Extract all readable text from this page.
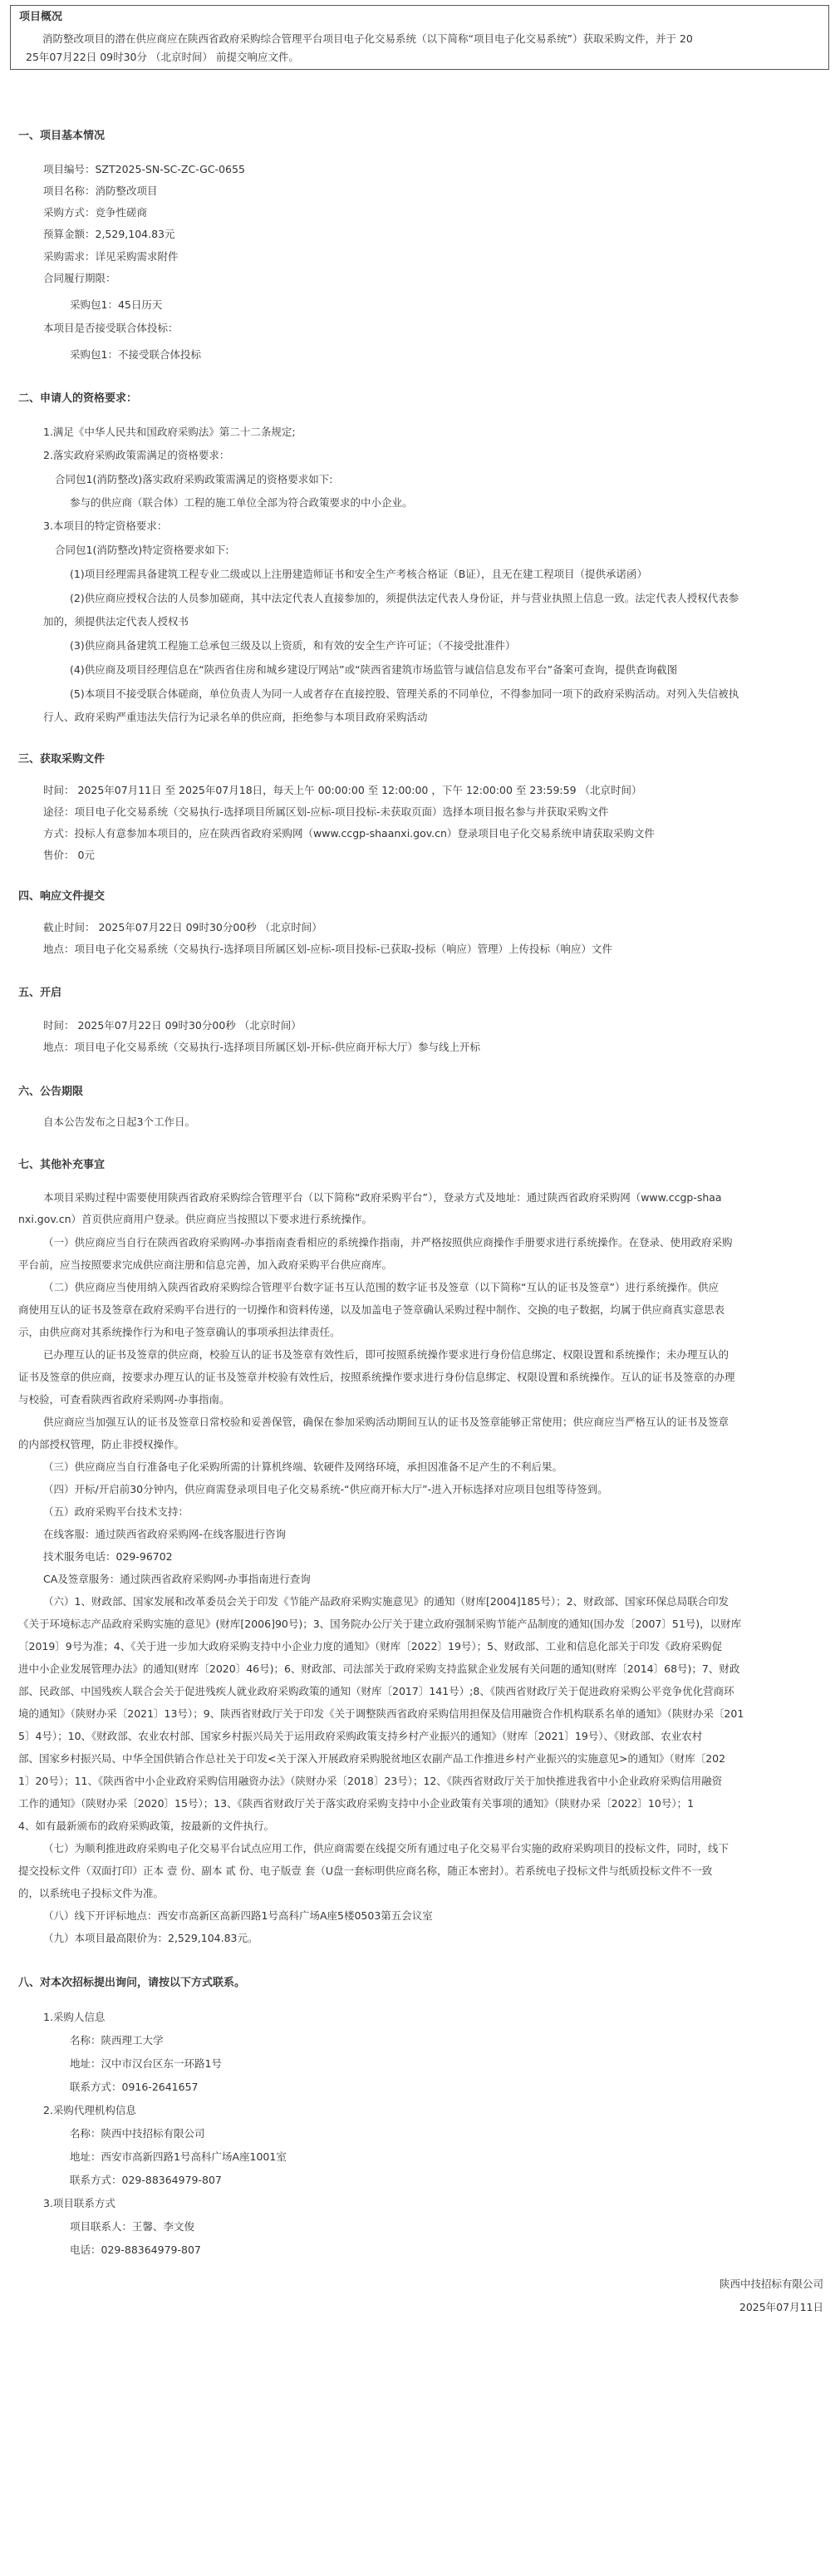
项目概况

消防整改项目的潜在供应商应在陕西省政府采购综合管理平台项目电子化交易系统（以下简称“项目电子化交易系统”）获取采购文件，并于 20

25年07月22日 09时30分 （北京时间） 前提交响应文件。

一、项目基本情况

项目编号：SZT2025-SN-SC-ZC-GC-0655

项目名称：消防整改项目

采购方式：竞争性磋商

预算金额：2,529,104.83元

采购需求：详见采购需求附件

合同履行期限：

采购包1：45日历天

本项目是否接受联合体投标：

采购包1：不接受联合体投标

二、申请人的资格要求：

1.满足《中华人民共和国政府采购法》第二十二条规定;

2.落实政府采购政策需满足的资格要求：

合同包1(消防整改)落实政府采购政策需满足的资格要求如下:

参与的供应商（联合体）工程的施工单位全部为符合政策要求的中小企业。

3.本项目的特定资格要求：

合同包1(消防整改)特定资格要求如下:

(1)项目经理需具备建筑工程专业二级或以上注册建造师证书和安全生产考核合格证（B证），且无在建工程项目（提供承诺函）

(2)供应商应授权合法的人员参加磋商，其中法定代表人直接参加的，须提供法定代表人身份证，并与营业执照上信息一致。法定代表人授权代表参

加的，须提供法定代表人授权书

(3)供应商具备建筑工程施工总承包三级及以上资质，和有效的安全生产许可证；（不接受批准件）

(4)供应商及项目经理信息在“陕西省住房和城乡建设厅网站”或“陕西省建筑市场监管与诚信信息发布平台”备案可查询，提供查询截图

(5)本项目不接受联合体磋商，单位负责人为同一人或者存在直接控股、管理关系的不同单位，不得参加同一项下的政府采购活动。对列入失信被执

行人、政府采购严重违法失信行为记录名单的供应商，拒绝参与本项目政府采购活动

三、获取采购文件

时间： 2025年07月11日 至 2025年07月18日，每天上午 00:00:00 至 12:00:00 ，下午 12:00:00 至 23:59:59 （北京时间）

途径：项目电子化交易系统（交易执行-选择项目所属区划-应标-项目投标-未获取页面）选择本项目报名参与并获取采购文件

方式：投标人有意参加本项目的，应在陕西省政府采购网（www.ccgp-shaanxi.gov.cn）登录项目电子化交易系统申请获取采购文件

售价： 0元

四、响应文件提交

截止时间： 2025年07月22日 09时30分00秒 （北京时间）

地点：项目电子化交易系统（交易执行-选择项目所属区划-应标-项目投标-已获取-投标（响应）管理）上传投标（响应）文件

五、开启

时间： 2025年07月22日 09时30分00秒 （北京时间）

地点：项目电子化交易系统（交易执行-选择项目所属区划-开标-供应商开标大厅）参与线上开标

六、公告期限

自本公告发布之日起3个工作日。

七、其他补充事宜

本项目采购过程中需要使用陕西省政府采购综合管理平台（以下简称“政府采购平台”），登录方式及地址：通过陕西省政府采购网（www.ccgp-shaa

nxi.gov.cn）首页供应商用户登录。供应商应当按照以下要求进行系统操作。

（一）供应商应当自行在陕西省政府采购网-办事指南查看相应的系统操作指南，并严格按照供应商操作手册要求进行系统操作。在登录、使用政府采购

平台前，应当按照要求完成供应商注册和信息完善，加入政府采购平台供应商库。

（二）供应商应当使用纳入陕西省政府采购综合管理平台数字证书互认范围的数字证书及签章（以下简称“互认的证书及签章”）进行系统操作。供应

商使用互认的证书及签章在政府采购平台进行的一切操作和资料传递，以及加盖电子签章确认采购过程中制作、交换的电子数据，均属于供应商真实意思表

示，由供应商对其系统操作行为和电子签章确认的事项承担法律责任。

已办理互认的证书及签章的供应商，校验互认的证书及签章有效性后，即可按照系统操作要求进行身份信息绑定、权限设置和系统操作；未办理互认的

证书及签章的供应商，按要求办理互认的证书及签章并校验有效性后，按照系统操作要求进行身份信息绑定、权限设置和系统操作。互认的证书及签章的办理

与校验，可查看陕西省政府采购网-办事指南。

供应商应当加强互认的证书及签章日常校验和妥善保管，确保在参加采购活动期间互认的证书及签章能够正常使用；供应商应当严格互认的证书及签章

的内部授权管理，防止非授权操作。

（三）供应商应当自行准备电子化采购所需的计算机终端、软硬件及网络环境，承担因准备不足产生的不利后果。

（四）开标/开启前30分钟内，供应商需登录项目电子化交易系统-“供应商开标大厅”-进入开标选择对应项目包组等待签到。

（五）政府采购平台技术支持：

在线客服：通过陕西省政府采购网-在线客服进行咨询

技术服务电话：029-96702

CA及签章服务：通过陕西省政府采购网-办事指南进行查询

（六）1、财政部、国家发展和改革委员会关于印发《节能产品政府采购实施意见》的通知（财库[2004]185号）；2、财政部、国家环保总局联合印发

《关于环境标志产品政府采购实施的意见》(财库[2006]90号)；3、国务院办公厅关于建立政府强制采购节能产品制度的通知(国办发〔2007〕51号)，以财库

〔2019〕9号为准；4、《关于进一步加大政府采购支持中小企业力度的通知》（财库〔2022〕19号）；5、财政部、工业和信息化部关于印发《政府采购促

进中小企业发展管理办法》的通知(财库〔2020〕46号)；6、财政部、司法部关于政府采购支持监狱企业发展有关问题的通知(财库〔2014〕68号)；7、财政

部、民政部、中国残疾人联合会关于促进残疾人就业政府采购政策的通知（财库〔2017〕141号）;8、《陕西省财政厅关于促进政府采购公平竞争优化营商环

境的通知》（陕财办采〔2021〕13号）；9、陕西省财政厅关于印发《关于调整陕西省政府采购信用担保及信用融资合作机构联系名单的通知》（陕财办采〔201

5〕4号）；10、《财政部、农业农村部、国家乡村振兴局关于运用政府采购政策支持乡村产业振兴的通知》（财库〔2021〕19号）、《财政部、农业农村

部、国家乡村振兴局、中华全国供销合作总社关于印发<关于深入开展政府采购脱贫地区农副产品工作推进乡村产业振兴的实施意见>的通知》（财库〔202

1〕20号）；11、《陕西省中小企业政府采购信用融资办法》（陕财办采〔2018〕23号）；12、《陕西省财政厅关于加快推进我省中小企业政府采购信用融资

工作的通知》（陕财办采〔2020〕15号）；13、《陕西省财政厅关于落实政府采购支持中小企业政策有关事项的通知》（陕财办采〔2022〕10号）；1

4、如有最新颁布的政府采购政策，按最新的文件执行。

（七）为顺利推进政府采购电子化交易平台试点应用工作，供应商需要在线提交所有通过电子化交易平台实施的政府采购项目的投标文件，同时，线下

提交投标文件（双面打印）正本 壹 份、副本 贰 份、电子版壹 套（U盘一套标明供应商名称，随正本密封）。若系统电子投标文件与纸质投标文件不一致

的，以系统电子投标文件为准。

（八）线下开评标地点：西安市高新区高新四路1号高科广场A座5楼0503第五会议室

（九）本项目最高限价为：2,529,104.83元。

八、对本次招标提出询问，请按以下方式联系。

1.采购人信息

名称：陕西理工大学

地址：汉中市汉台区东一环路1号

联系方式：0916-2641657

2.采购代理机构信息

名称：陕西中技招标有限公司

地址：西安市高新四路1号高科广场A座1001室

联系方式：029-88364979-807

3.项目联系方式

项目联系人：王馨、李文俊

电话：029-88364979-807

陕西中技招标有限公司

2025年07月11日
